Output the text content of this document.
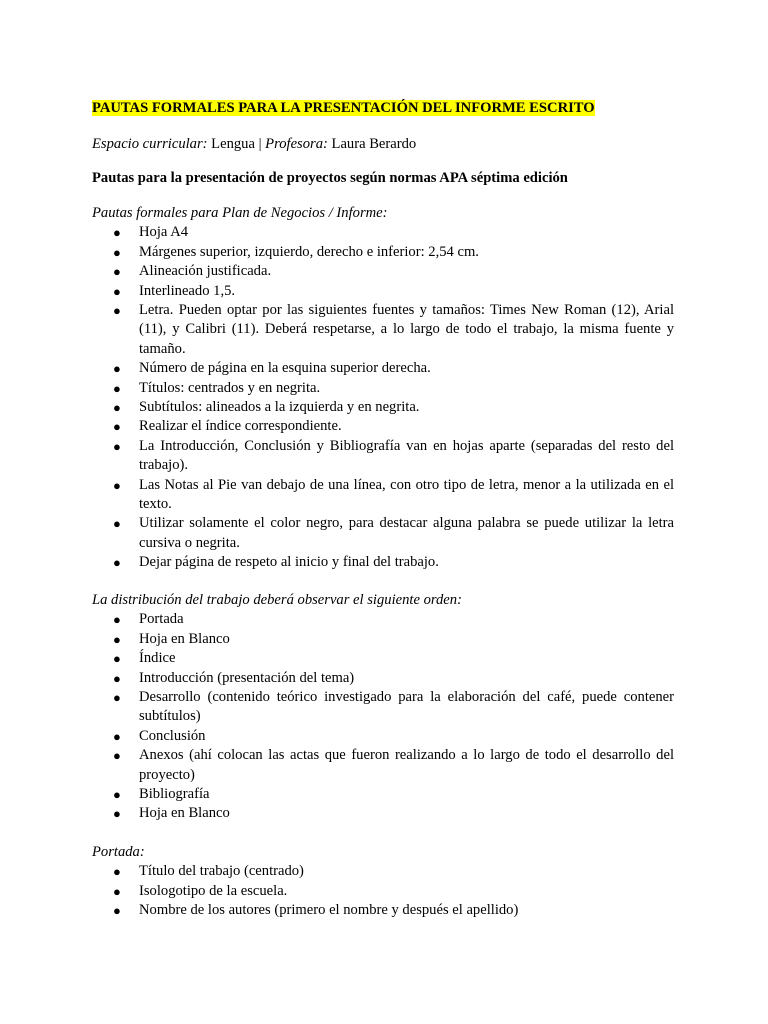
PAUTAS FORMALES PARA LA PRESENTACIÓN DEL INFORME ESCRITO
Espacio curricular: Lengua | Profesora: Laura Berardo
Pautas para la presentación de proyectos según normas APA séptima edición

Pautas formales para Plan de Negocios / Informe:

● Hoja A4
● Márgenes superior, izquierdo, derecho e inferior: 2,54 cm.
● Alineación justificada.
● Interlineado 1,5.
● Letra. Pueden optar por las siguientes fuentes y tamaños: Times New Roman (12), Arial (11), y Calibri (11). Deberá respetarse, a lo largo de todo el trabajo, la misma fuente y tamaño.
● Número de página en la esquina superior derecha.
● Títulos: centrados y en negrita.
● Subtítulos: alineados a la izquierda y en negrita.
● Realizar el índice correspondiente.
● La Introducción, Conclusión y Bibliografía van en hojas aparte (separadas del resto del trabajo).
● Las Notas al Pie van debajo de una línea, con otro tipo de letra, menor a la utilizada en el texto.
● Utilizar solamente el color negro, para destacar alguna palabra se puede utilizar la letra cursiva o negrita.
● Dejar página de respeto al inicio y final del trabajo.

La distribución del trabajo deberá observar el siguiente orden:

● Portada
● Hoja en Blanco
● Índice
● Introducción (presentación del tema)
● Desarrollo (contenido teórico investigado para la elaboración del café, puede contener subtítulos)
● Conclusión
● Anexos (ahí colocan las actas que fueron realizando a lo largo de todo el desarrollo del proyecto)
● Bibliografía
● Hoja en Blanco

Portada:

● Título del trabajo (centrado)
● Isologotipo de la escuela.
● Nombre de los autores (primero el nombre y después el apellido)
